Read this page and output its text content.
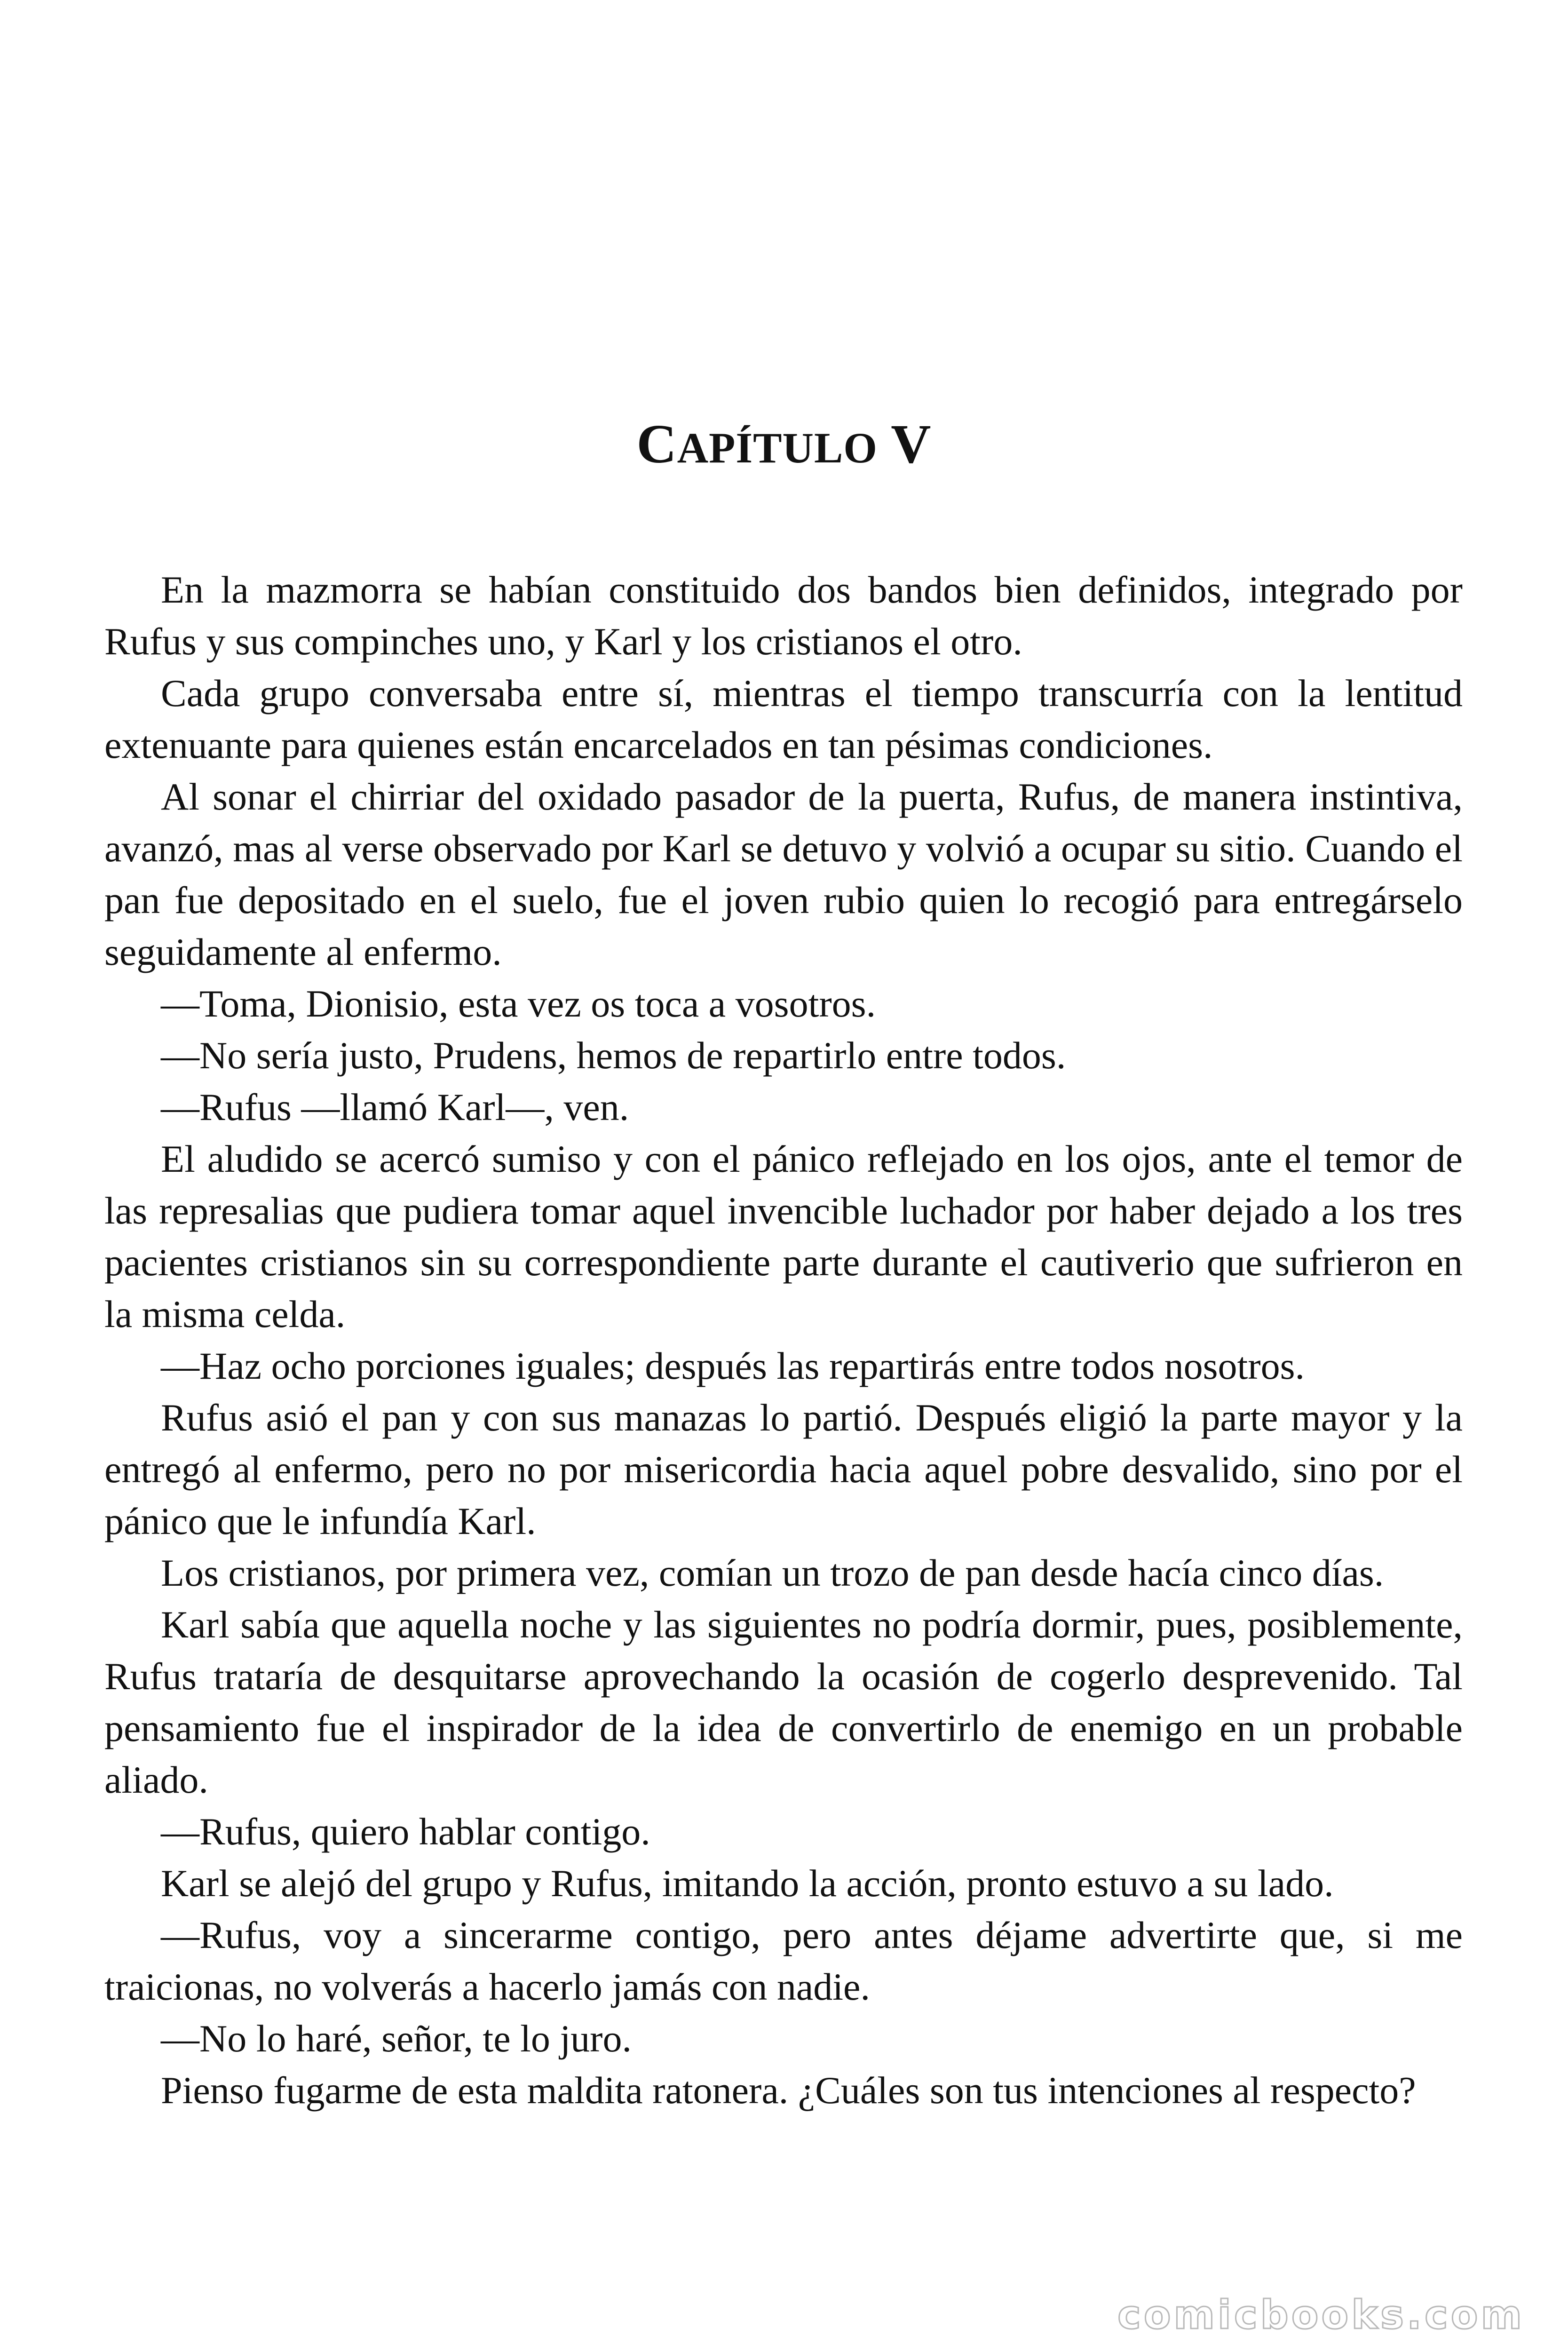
CAPÍTULO V

En la mazmorra se habían constituido dos bandos bien definidos, integrado por Rufus y sus compinches uno, y Karl y los cristianos el otro.

Cada grupo conversaba entre sí, mientras el tiempo transcurría con la lentitud extenuante para quienes están encarcelados en tan pésimas condiciones.

Al sonar el chirriar del oxidado pasador de la puerta, Rufus, de manera instintiva, avanzó, mas al verse observado por Karl se detuvo y volvió a ocupar su sitio. Cuando el pan fue depositado en el suelo, fue el joven rubio quien lo recogió para entregárselo seguidamente al enfermo.

—Toma, Dionisio, esta vez os toca a vosotros.

—No sería justo, Prudens, hemos de repartirlo entre todos.

—Rufus —llamó Karl—, ven.

El aludido se acercó sumiso y con el pánico reflejado en los ojos, ante el temor de las represalias que pudiera tomar aquel invencible luchador por haber dejado a los tres pacientes cristianos sin su correspondiente parte durante el cautiverio que sufrieron en la misma celda.

—Haz ocho porciones iguales; después las repartirás entre todos nosotros.

Rufus asió el pan y con sus manazas lo partió. Después eligió la parte mayor y la entregó al enfermo, pero no por misericordia hacia aquel pobre desvalido, sino por el pánico que le infundía Karl.

Los cristianos, por primera vez, comían un trozo de pan desde hacía cinco días.

Karl sabía que aquella noche y las siguientes no podría dormir, pues, posiblemente, Rufus trataría de desquitarse aprovechando la ocasión de cogerlo desprevenido. Tal pensamiento fue el inspirador de la idea de convertirlo de enemigo en un probable aliado.

—Rufus, quiero hablar contigo.

Karl se alejó del grupo y Rufus, imitando la acción, pronto estuvo a su lado.

—Rufus, voy a sincerarme contigo, pero antes déjame advertirte que, si me traicionas, no volverás a hacerlo jamás con nadie.

—No lo haré, señor, te lo juro.

Pienso fugarme de esta maldita ratonera. ¿Cuáles son tus intenciones al respecto?

comicbooks.com
